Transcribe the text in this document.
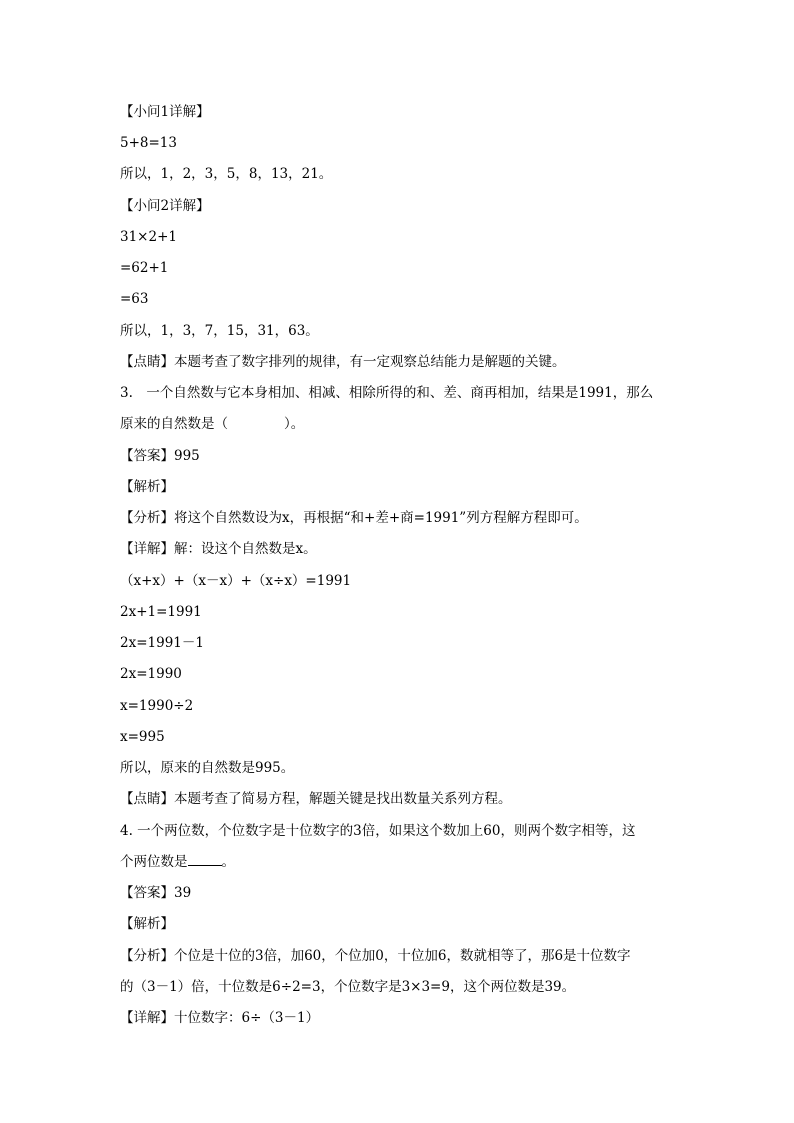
【小问1详解】
5+8=13
所以，1，2，3，5，8，13，21。
【小问2详解】
31×2+1
=62+1
=63
所以，1，3，7，15，31，63。
【点睛】本题考查了数字排列的规律，有一定观察总结能力是解题的关键。
3.　一个自然数与它本身相加、相减、相除所得的和、差、商再相加，结果是1991，那么
原来的自然数是（	）。
【答案】995
【解析】
【分析】将这个自然数设为x，再根据“和+差+商=1991”列方程解方程即可。
【详解】解：设这个自然数是x。
（x+x）+（x－x）+（x÷x）=1991
2x+1=1991
2x=1991－1
2x=1990
x=1990÷2
x=995
所以，原来的自然数是995。
【点睛】本题考查了简易方程，解题关键是找出数量关系列方程。
4. 一个两位数，个位数字是十位数字的3倍，如果这个数加上60，则两个数字相等，这
个两位数是	。
【答案】39
【解析】
【分析】个位是十位的3倍，加60，个位加0，十位加6，数就相等了，那6是十位数字
的（3－1）倍，十位数是6÷2=3，个位数字是3×3=9，这个两位数是39。
【详解】十位数字：6÷（3－1）
